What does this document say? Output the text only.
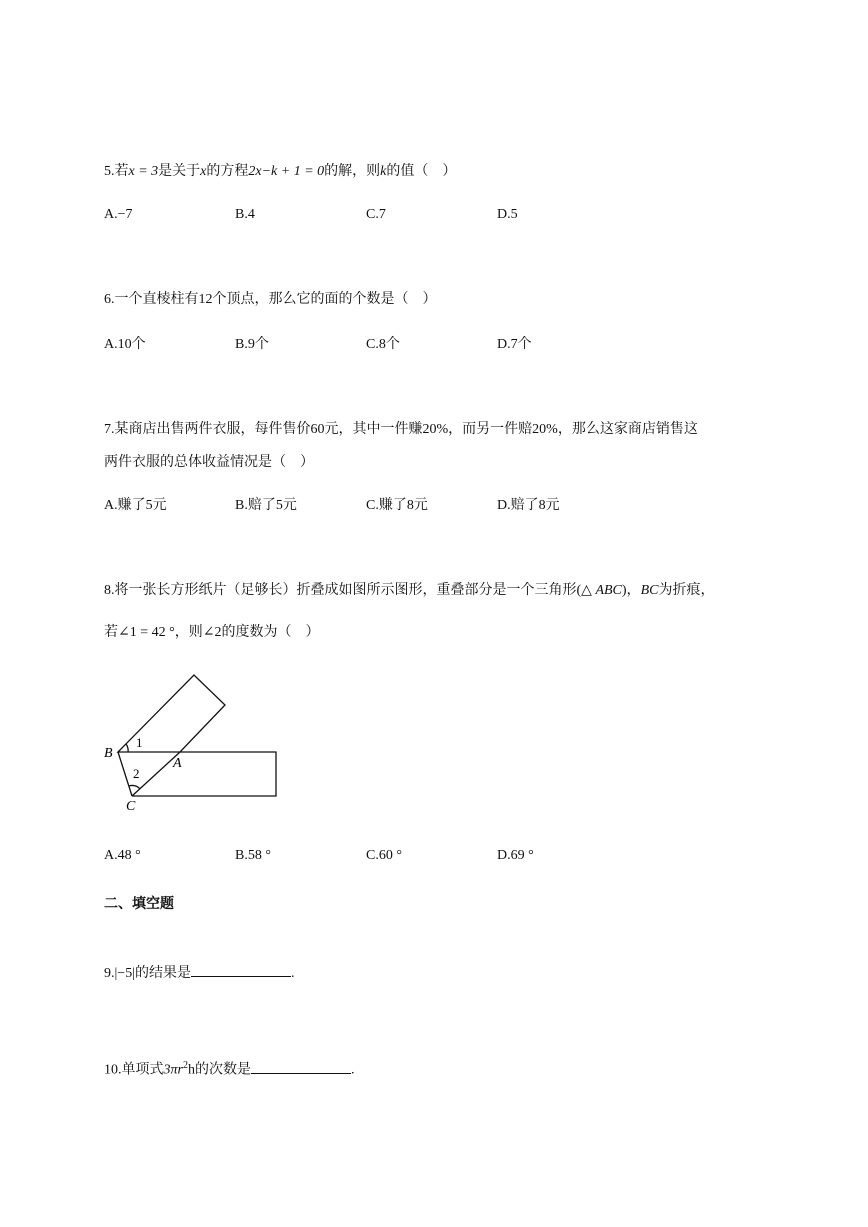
5.若x = 3是关于x的方程2x−k + 1 = 0的解，则k的值（　）
A.−7	B.4	C.7	D.5
6.一个直棱柱有12个顶点，那么它的面的个数是（　）
A.10个	B.9个	C.8个	D.7个
7.某商店出售两件衣服，每件售价60元，其中一件赚20%，而另一件赔20%，那么这家商店销售这
两件衣服的总体收益情况是（　）
A.赚了5元	B.赔了5元	C.赚了8元	D.赔了8元
8.将一张长方形纸片（足够长）折叠成如图所示图形，重叠部分是一个三角形(△ ABC)，BC为折痕，
若∠1 = 42 °，则∠2的度数为（　）
B
A
C
1
2
A.48 °	B.58 °	C.60 °	D.69 °
二、填空题
9.|−5|的结果是	.
10.单项式$3\pi r^2h$的次数是	.
